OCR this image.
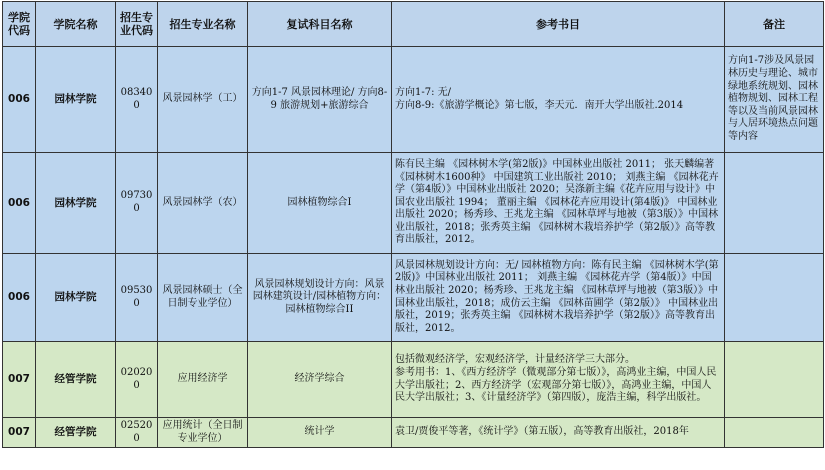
学院代码	学院名称	招生专业代码	招生专业名称	复试科目名称	参考书目	备注
006	园林学院	083400	风景园林学（工）	方向1-7 风景园林理论/ 方向8-9 旅游规划+旅游综合	方向1-7: 无/
方向8-9:《旅游学概论》第七版，李天元．南开大学出版社.2014	方向1-7涉及风景园林历史与理论、城市绿地系统规划、园林植物规划、园林工程等以及当前风景园林与人居环境热点问题等内容
006	园林学院	097300	风景园林学（农）	园林植物综合I	陈有民主编 《园林树木学(第2版)》中国林业出版社 2011； 张天麟编著 《园林树木1600种》 中国建筑工业出版社 2010； 刘燕主编 《园林花卉学（第4版）》中国林业出版社 2020；吴涤新主编《花卉应用与设计》中国农业出版社 1994； 董丽主编 《园林花卉应用设计(第4版)》 中国林业出版社 2020；杨秀珍、王兆龙主编 《园林草坪与地被（第3版）》中国林业出版社，2018；张秀英主编 《园林树木栽培养护学（第2版）》高等教育出版社，2012。	
006	园林学院	095300	风景园林硕士（全日制专业学位）	风景园林规划设计方向：风景园林建筑设计/园林植物方向：园林植物综合II	风景园林规划设计方向：无/ 园林植物方向：陈有民主编 《园林树木学(第2版)》中国林业出版社 2011； 刘燕主编 《园林花卉学（第4版）》中国林业出版社 2020；杨秀珍、王兆龙主编 《园林草坪与地被（第3版）》中国林业出版社，2018；成仿云主编 《园林苗圃学（第2版）》 中国林业出版社，2019；张秀英主编 《园林树木栽培养护学（第2版）》高等教育出版社，2012。	
007	经管学院	020200	应用经济学	经济学综合	包括微观经济学，宏观经济学，计量经济学三大部分。
参考用书：1、《西方经济学（微观部分第七版）》，高鸿业主编，中国人民大学出版社；2、西方经济学（宏观部分第七版）》，高鸿业主编，中国人民大学出版社；3、《计量经济学》（第四版），庞浩主编，科学出版社。	
007	经管学院	025200	应用统计（全日制专业学位）	统计学	袁卫/贾俊平等著，《统计学》（第五版），高等教育出版社，2018年	
